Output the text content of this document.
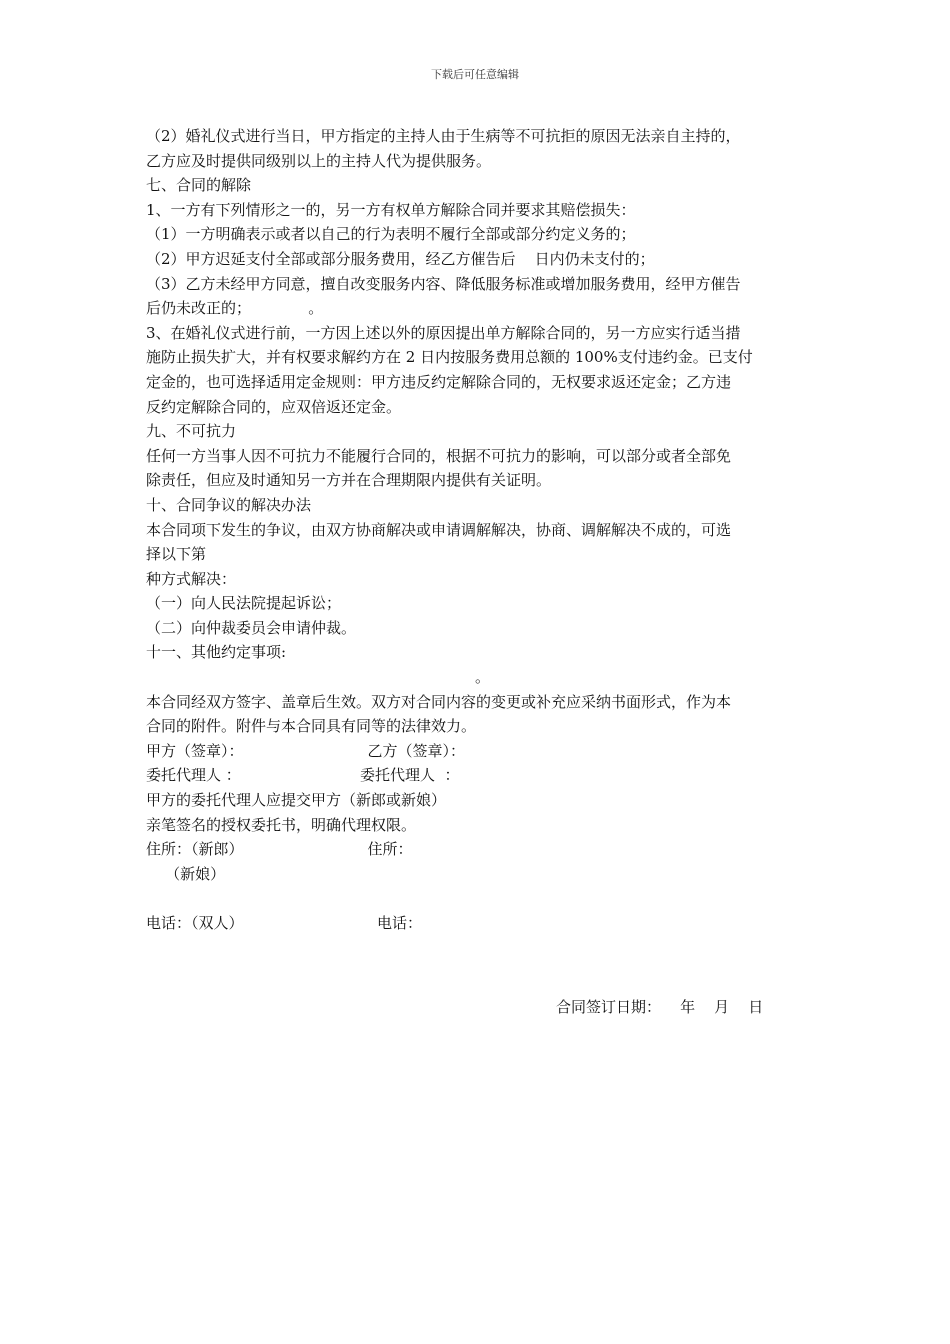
下载后可任意编辑
（2）婚礼仪式进行当日，甲方指定的主持人由于生病等不可抗拒的原因无法亲自主持的，
乙方应及时提供同级别以上的主持人代为提供服务。
七、合同的解除
1、一方有下列情形之一的，另一方有权单方解除合同并要求其赔偿损失：
（1）一方明确表示或者以自己的行为表明不履行全部或部分约定义务的；
（2）甲方迟延支付全部或部分服务费用，经乙方催告后    日内仍未支付的；
（3）乙方未经甲方同意，擅自改变服务内容、降低服务标准或增加服务费用，经甲方催告
后仍未改正的；            。
3、在婚礼仪式进行前，一方因上述以外的原因提出单方解除合同的，另一方应实行适当措
施防止损失扩大，并有权要求解约方在 2 日内按服务费用总额的 100%支付违约金。已支付
定金的，也可选择适用定金规则：甲方违反约定解除合同的，无权要求返还定金；乙方违
反约定解除合同的，应双倍返还定金。
九、不可抗力
任何一方当事人因不可抗力不能履行合同的，根据不可抗力的影响，可以部分或者全部免
除责任，但应及时通知另一方并在合理期限内提供有关证明。
十、合同争议的解决办法
本合同项下发生的争议，由双方协商解决或申请调解解决，协商、调解解决不成的，可选
择以下第
种方式解决：
（一）向人民法院提起诉讼；
（二）向仲裁委员会申请仲裁。
十一、其他约定事项:
。
本合同经双方签字、盖章后生效。双方对合同内容的变更或补充应采纳书面形式，作为本
合同的附件。附件与本合同具有同等的法律效力。
甲方（签章）：                          乙方（签章）：
委托代理人 ：                         委托代理人  ：
甲方的委托代理人应提交甲方（新郎或新娘）
亲笔签名的授权委托书，明确代理权限。
住所：（新郎）                          住所：
（新娘）
电话：（双人）                            电话：
合同签订日期：    年    月    日
